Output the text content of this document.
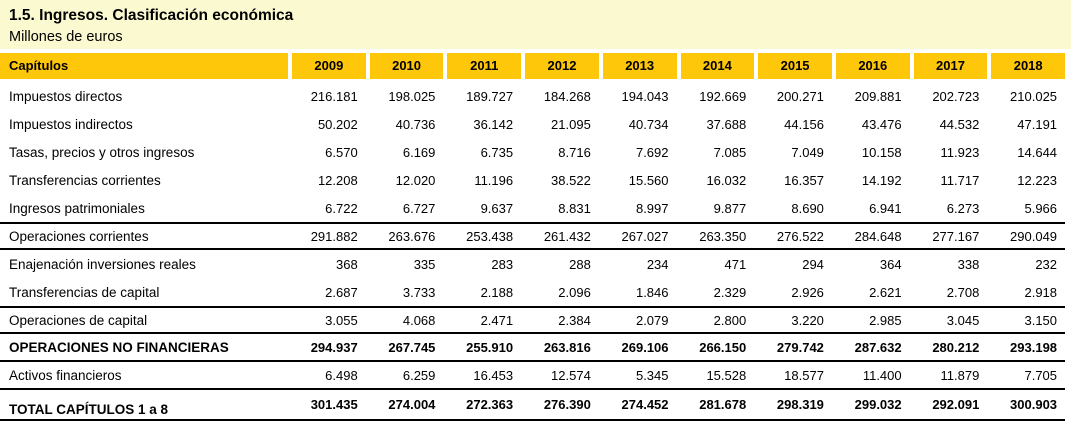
1.5. Ingresos. Clasificación económica
Millones de euros
Capítulos	2009	2010	2011	2012	2013	2014	2015	2016	2017	2018
Impuestos directos	216.181	198.025	189.727	184.268	194.043	192.669	200.271	209.881	202.723	210.025
Impuestos indirectos	50.202	40.736	36.142	21.095	40.734	37.688	44.156	43.476	44.532	47.191
Tasas, precios y otros ingresos	6.570	6.169	6.735	8.716	7.692	7.085	7.049	10.158	11.923	14.644
Transferencias corrientes	12.208	12.020	11.196	38.522	15.560	16.032	16.357	14.192	11.717	12.223
Ingresos patrimoniales	6.722	6.727	9.637	8.831	8.997	9.877	8.690	6.941	6.273	5.966
Operaciones corrientes	291.882	263.676	253.438	261.432	267.027	263.350	276.522	284.648	277.167	290.049
Enajenación inversiones reales	368	335	283	288	234	471	294	364	338	232
Transferencias de capital	2.687	3.733	2.188	2.096	1.846	2.329	2.926	2.621	2.708	2.918
Operaciones de capital	3.055	4.068	2.471	2.384	2.079	2.800	3.220	2.985	3.045	3.150
OPERACIONES NO FINANCIERAS	294.937	267.745	255.910	263.816	269.106	266.150	279.742	287.632	280.212	293.198
Activos financieros	6.498	6.259	16.453	12.574	5.345	15.528	18.577	11.400	11.879	7.705
TOTAL CAPÍTULOS 1 a 8	301.435	274.004	272.363	276.390	274.452	281.678	298.319	299.032	292.091	300.903
